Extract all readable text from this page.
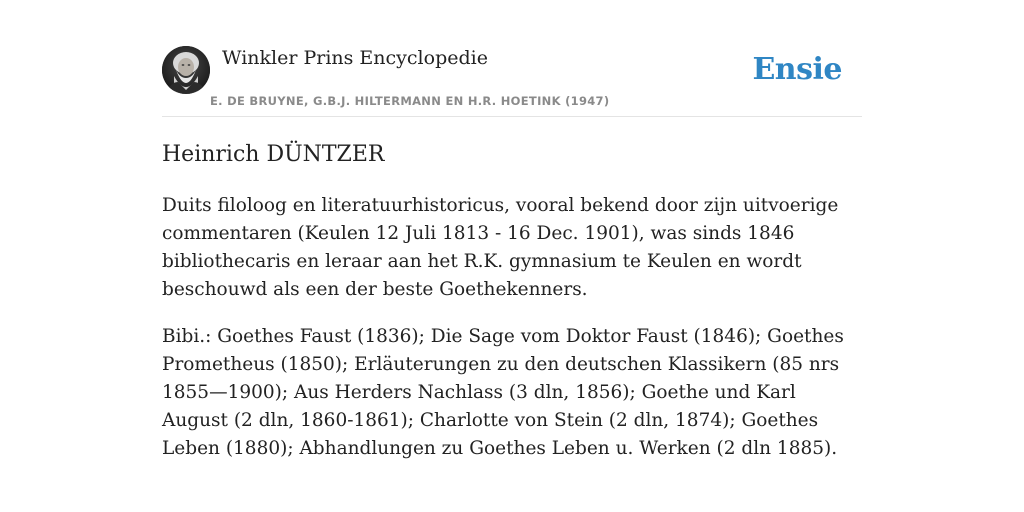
Winkler Prins Encyclopedie
E. DE BRUYNE, G.B.J. HILTERMANN EN H.R. HOETINK (1947)
Ensie
Heinrich DÜNTZER

Duits filoloog en literatuurhistoricus, vooral bekend door zijn uitvoerige commentaren (Keulen 12 Juli 1813 - 16 Dec. 1901), was sinds 1846 bibliothecaris en leraar aan het R.K. gymnasium te Keulen en wordt beschouwd als een der beste Goethekenners.

Bibi.: Goethes Faust (1836); Die Sage vom Doktor Faust (1846); Goethes Prometheus (1850); Erläuterungen zu den deutschen Klassikern (85 nrs 1855—1900); Aus Herders Nachlass (3 dln, 1856); Goethe und Karl August (2 dln, 1860-1861); Charlotte von Stein (2 dln, 1874); Goethes Leben (1880); Abhandlungen zu Goethes Leben u. Werken (2 dln 1885).
